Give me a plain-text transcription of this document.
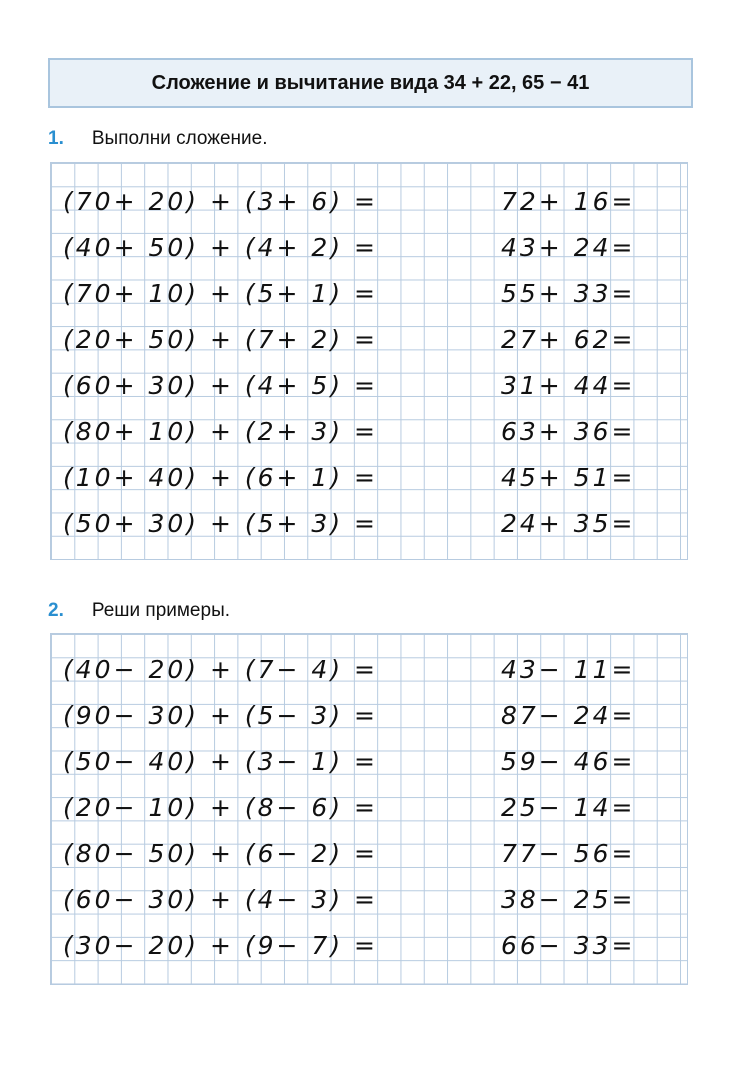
Сложение и вычитание вида 34 + 22, 65 − 41
1. Выполни сложение.
(70+ 20) + (3+ 6) =	72+ 16=
(40+ 50) + (4+ 2) =	43+ 24=
(70+ 10) + (5+ 1) =	55+ 33=
(20+ 50) + (7+ 2) =	27+ 62=
(60+ 30) + (4+ 5) =	31+ 44=
(80+ 10) + (2+ 3) =	63+ 36=
(10+ 40) + (6+ 1) =	45+ 51=
(50+ 30) + (5+ 3) =	24+ 35=
2. Реши примеры.
(40− 20) + (7− 4) =	43− 11=
(90− 30) + (5− 3) =	87− 24=
(50− 40) + (3− 1) =	59− 46=
(20− 10) + (8− 6) =	25− 14=
(80− 50) + (6− 2) =	77− 56=
(60− 30) + (4− 3) =	38− 25=
(30− 20) + (9− 7) =	66− 33=
